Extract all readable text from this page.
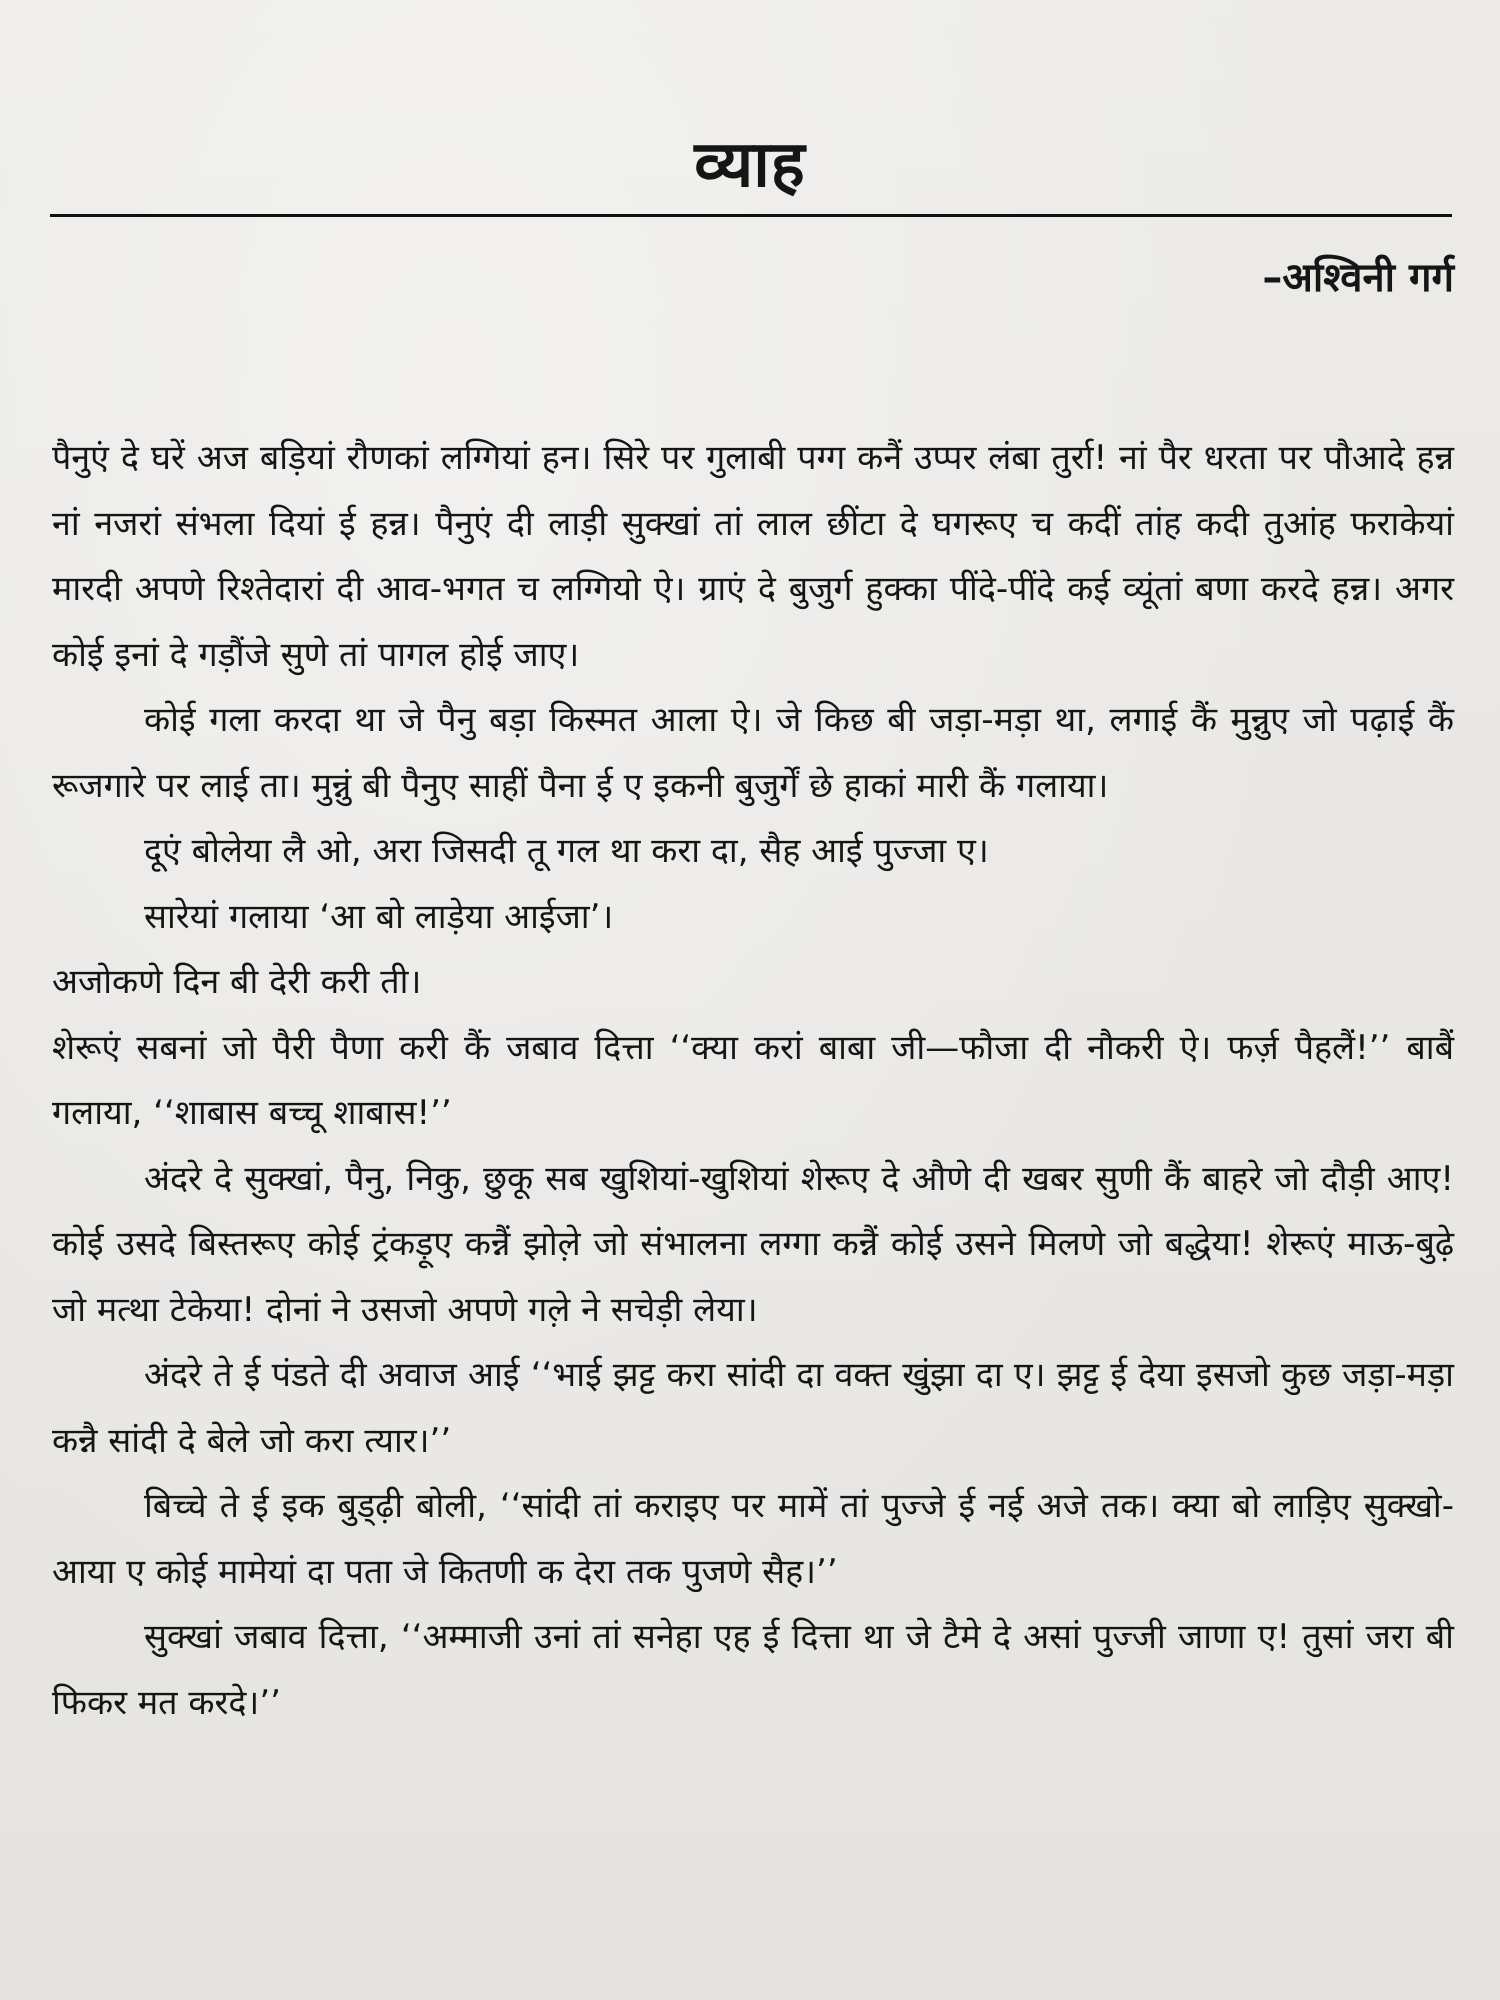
व्याह

–अश्विनी गर्ग

पैनुएं दे घरें अज बड़ियां रौणकां लग्गियां हन। सिरे पर गुलाबी पग्ग कनैं उप्पर लंबा तुर्रा! नां पैर धरता पर पौआदे हन्न नां नजरां संभला दियां ई हन्न। पैनुएं दी लाड़ी सुक्खां तां लाल छींटा दे घगरूए च कदीं तांह कदी तुआंह फराकेयां मारदी अपणे रिश्तेदारां दी आव-भगत च लग्गियो ऐ। ग्राएं दे बुजुर्ग हुक्का पींदे-पींदे कई व्यूंतां बणा करदे हन्न। अगर कोई इनां दे गड़ौंजे सुणे तां पागल होई जाए।

कोई गला करदा था जे पैनु बड़ा किस्मत आला ऐ। जे किछ बी जड़ा-मड़ा था, लगाई कैं मुन्नुए जो पढ़ाई कैं रूजगारे पर लाई ता। मुन्नुं बी पैनुए साहीं पैना ई ए इकनी बुजुर्गें छे हाकां मारी कैं गलाया।

दूएं बोलेया लै ओ, अरा जिसदी तू गल था करा दा, सैह आई पुज्जा ए।

सारेयां गलाया ‘आ बो लाड़ेया आईजा’।

अजोकणे दिन बी देरी करी ती।

शेरूएं सबनां जो पैरी पैणा करी कैं जबाव दित्ता ‘‘क्या करां बाबा जी—फौजा दी नौकरी ऐ। फर्ज़ पैहलैं!’’ बाबैं गलाया, ‘‘शाबास बच्चू शाबास!’’

अंदरे दे सुक्खां, पैनु, निकु, छुकू सब खुशियां-खुशियां शेरूए दे औणे दी खबर सुणी कैं बाहरे जो दौड़ी आए! कोई उसदे बिस्तरूए कोई ट्रंकड़ूए कन्नैं झोले़ जो संभालना लग्गा कन्नैं कोई उसने मिलणे जो बद्धेया! शेरूएं माऊ-बुढ़े जो मत्था टेकेया! दोनां ने उसजो अपणे गले़ ने सचेड़ी लेया।

अंदरे ते ई पंडते दी अवाज आई ‘‘भाई झट्ट करा सांदी दा वक्त खुंझा दा ए। झट्ट ई देया इसजो कुछ जड़ा-मड़ा कन्नै सांदी दे बेले जो करा त्यार।’’

बिच्चे ते ई इक बुड्ढ़ी बोली, ‘‘सांदी तां कराइए पर मामें तां पुज्जे ई नई अजे तक। क्या बो लाड़िए सुक्खो-आया ए कोई मामेयां दा पता जे कितणी क देरा तक पुजणे सैह।’’

सुक्खां जबाव दित्ता, ‘‘अम्माजी उनां तां सनेहा एह ई दित्ता था जे टैमे दे असां पुज्जी जाणा ए! तुसां जरा बी फिकर मत करदे।’’
